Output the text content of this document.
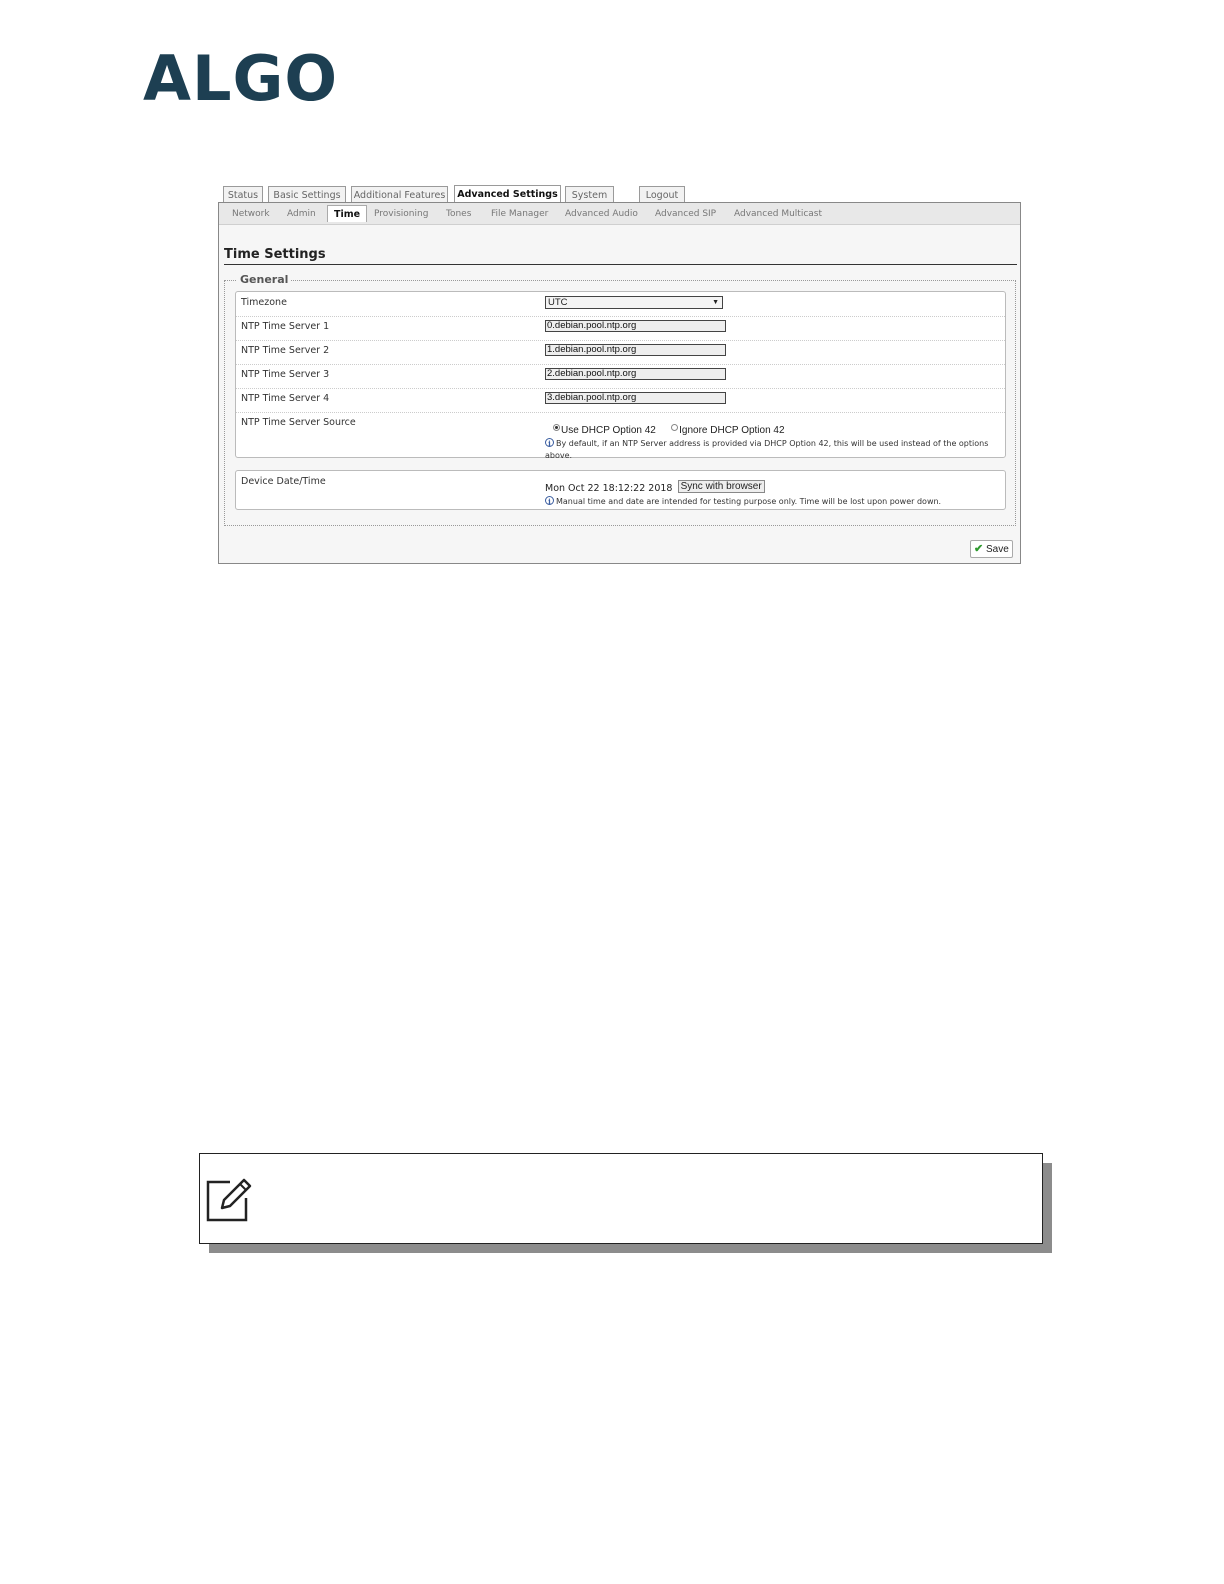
ALGO
Status	Basic Settings	Additional Features	Advanced Settings	System	Logout
Network Admin	Time	Provisioning Tones File Manager Advanced Audio Advanced SIP Advanced Multicast
Time Settings
General
Timezone	UTC	▼
NTP Time Server 1	0.debian.pool.ntp.org
NTP Time Server 2	1.debian.pool.ntp.org
NTP Time Server 3	2.debian.pool.ntp.org
NTP Time Server 4	3.debian.pool.ntp.org
NTP Time Server Source
Use DHCP Option 42 Ignore DHCP Option 42
i By default, if an NTP Server address is provided via DHCP Option 42, this will be used instead of the options above.
Device Date/Time
Mon Oct 22 18:12:22 2018 Sync with browser
i Manual time and date are intended for testing purpose only. Time will be lost upon power down.
✔ Save
